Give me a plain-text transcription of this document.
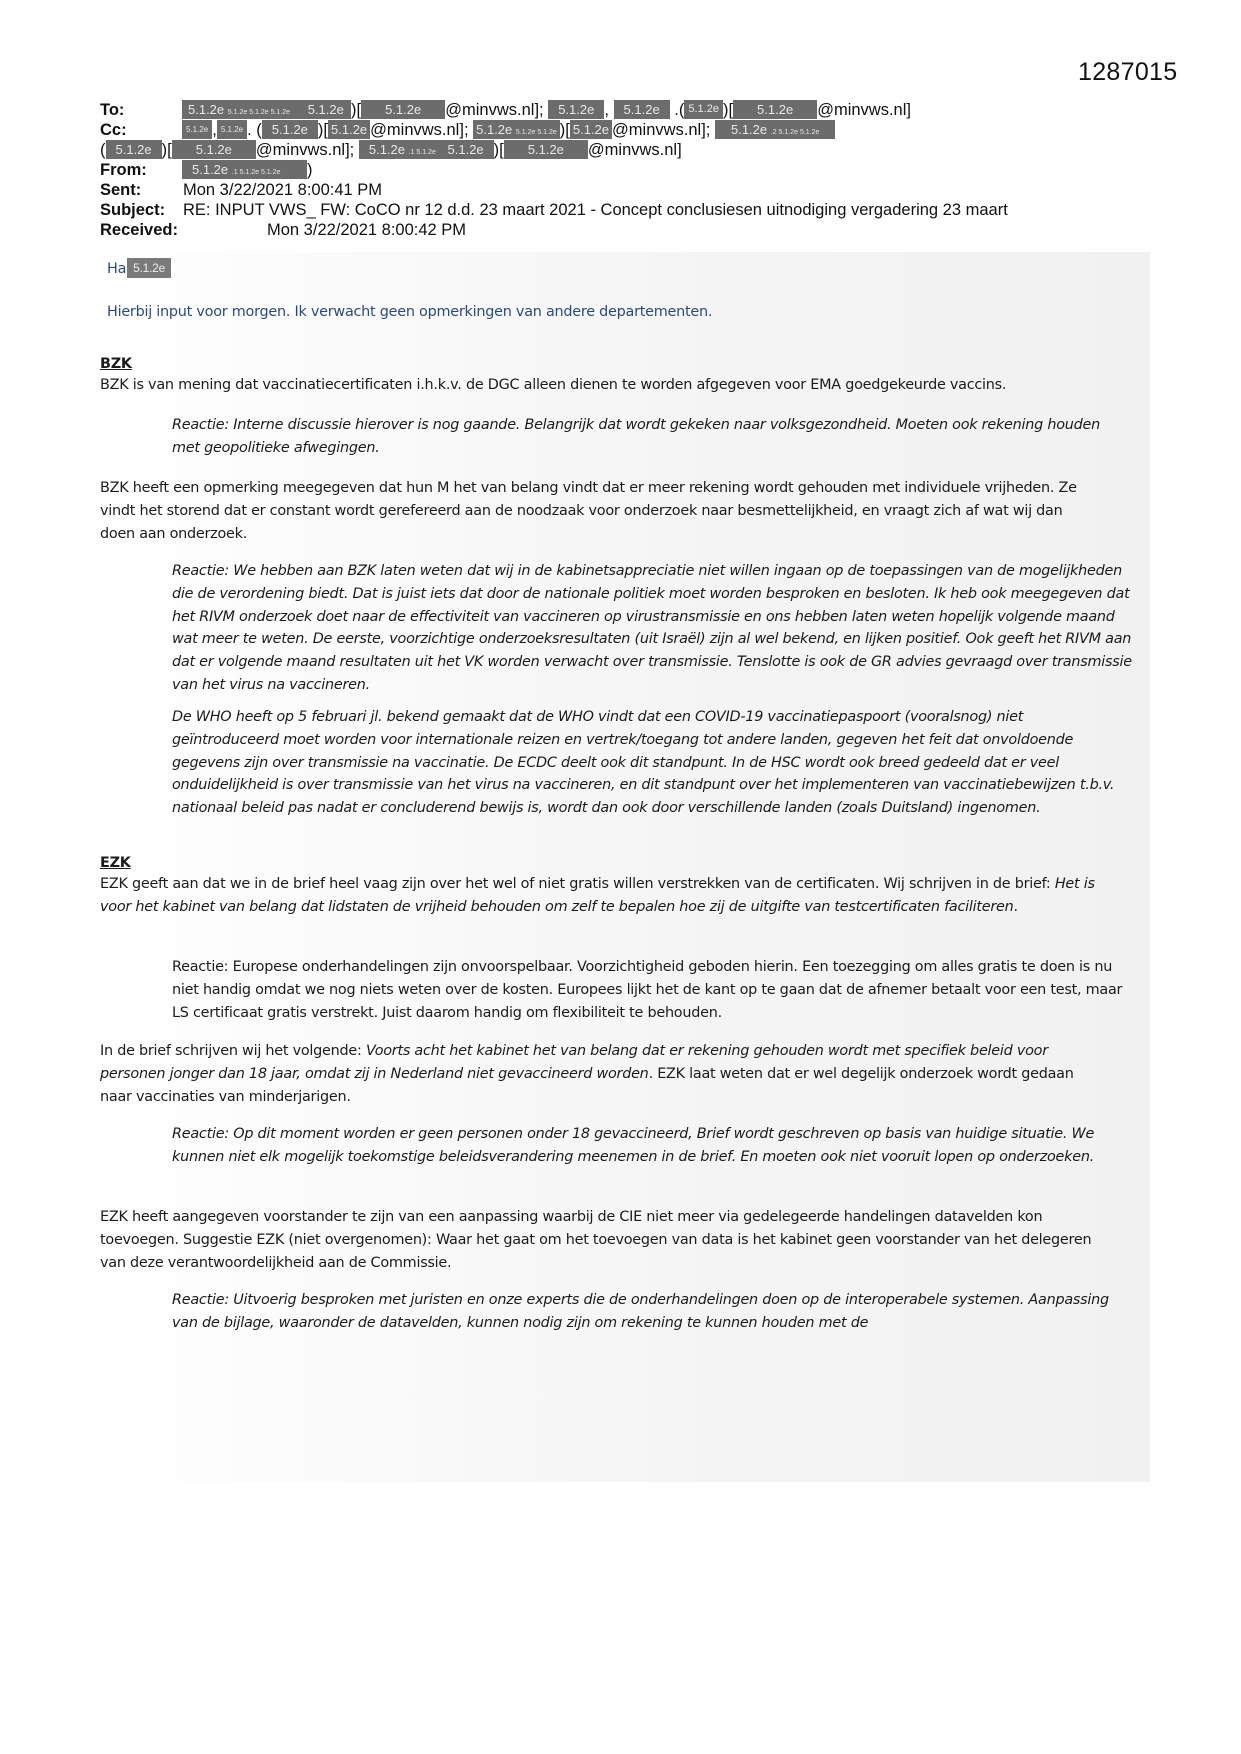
1287015
To:	5.1.2e 5.1.2e 5.1.2e 5.1.2e 5.1.2e )[ 5.1.2e @minvws.nl]; 5.1.2e , 5.1.2e .( 5.1.2e )[ 5.1.2e @minvws.nl]
Cc:	5.1.2e , 5.1.2e . ( 5.1.2e )[ 5.1.2e @minvws.nl]; 5.1.2e 5.1.2e 5.1.2e )[ 5.1.2e @minvws.nl]; 5.1.2e .2 5.1.2e 5.1.2e
( 5.1.2e )[ 5.1.2e @minvws.nl]; 5.1.2e .1 5.1.2e 5.1.2e )[ 5.1.2e @minvws.nl]
From:	5.1.2e .1 5.1.2e 5.1.2e )
Sent:	Mon 3/22/2021 8:00:41 PM
Subject: RE: INPUT VWS_ FW: CoCO nr 12 d.d. 23 maart 2021 - Concept conclusiesen uitnodiging vergadering 23 maart
Received:	Mon 3/22/2021 8:00:42 PM
Ha 5.1.2e
Hierbij input voor morgen. Ik verwacht geen opmerkingen van andere departementen.
BZK
BZK is van mening dat vaccinatiecertificaten i.h.k.v. de DGC alleen dienen te worden afgegeven voor EMA goedgekeurde vaccins.
Reactie: Interne discussie hierover is nog gaande. Belangrijk dat wordt gekeken naar volksgezondheid. Moeten ook rekening houden met geopolitieke afwegingen.
BZK heeft een opmerking meegegeven dat hun M het van belang vindt dat er meer rekening wordt gehouden met individuele vrijheden. Ze vindt het storend dat er constant wordt gerefereerd aan de noodzaak voor onderzoek naar besmettelijkheid, en vraagt zich af wat wij dan doen aan onderzoek.
Reactie: We hebben aan BZK laten weten dat wij in de kabinetsappreciatie niet willen ingaan op de toepassingen van de mogelijkheden die de verordening biedt. Dat is juist iets dat door de nationale politiek moet worden besproken en besloten. Ik heb ook meegegeven dat het RIVM onderzoek doet naar de effectiviteit van vaccineren op virustransmissie en ons hebben laten weten hopelijk volgende maand wat meer te weten. De eerste, voorzichtige onderzoeksresultaten (uit Israël) zijn al wel bekend, en lijken positief. Ook geeft het RIVM aan dat er volgende maand resultaten uit het VK worden verwacht over transmissie. Tenslotte is ook de GR advies gevraagd over transmissie van het virus na vaccineren.
De WHO heeft op 5 februari jl. bekend gemaakt dat de WHO vindt dat een COVID-19 vaccinatiepaspoort (vooralsnog) niet geïntroduceerd moet worden voor internationale reizen en vertrek/toegang tot andere landen, gegeven het feit dat onvoldoende gegevens zijn over transmissie na vaccinatie. De ECDC deelt ook dit standpunt. In de HSC wordt ook breed gedeeld dat er veel onduidelijkheid is over transmissie van het virus na vaccineren, en dit standpunt over het implementeren van vaccinatiebewijzen t.b.v. nationaal beleid pas nadat er concluderend bewijs is, wordt dan ook door verschillende landen (zoals Duitsland) ingenomen.
EZK
EZK geeft aan dat we in de brief heel vaag zijn over het wel of niet gratis willen verstrekken van de certificaten. Wij schrijven in de brief: Het is voor het kabinet van belang dat lidstaten de vrijheid behouden om zelf te bepalen hoe zij de uitgifte van testcertificaten faciliteren.
Reactie: Europese onderhandelingen zijn onvoorspelbaar. Voorzichtigheid geboden hierin. Een toezegging om alles gratis te doen is nu niet handig omdat we nog niets weten over de kosten. Europees lijkt het de kant op te gaan dat de afnemer betaalt voor een test, maar LS certificaat gratis verstrekt. Juist daarom handig om flexibiliteit te behouden.
In de brief schrijven wij het volgende: Voorts acht het kabinet het van belang dat er rekening gehouden wordt met specifiek beleid voor personen jonger dan 18 jaar, omdat zij in Nederland niet gevaccineerd worden. EZK laat weten dat er wel degelijk onderzoek wordt gedaan naar vaccinaties van minderjarigen.
Reactie: Op dit moment worden er geen personen onder 18 gevaccineerd, Brief wordt geschreven op basis van huidige situatie. We kunnen niet elk mogelijk toekomstige beleidsverandering meenemen in de brief. En moeten ook niet vooruit lopen op onderzoeken.
EZK heeft aangegeven voorstander te zijn van een aanpassing waarbij de CIE niet meer via gedelegeerde handelingen datavelden kon toevoegen. Suggestie EZK (niet overgenomen): Waar het gaat om het toevoegen van data is het kabinet geen voorstander van het delegeren van deze verantwoordelijkheid aan de Commissie.
Reactie: Uitvoerig besproken met juristen en onze experts die de onderhandelingen doen op de interoperabele systemen. Aanpassing van de bijlage, waaronder de datavelden, kunnen nodig zijn om rekening te kunnen houden met de
